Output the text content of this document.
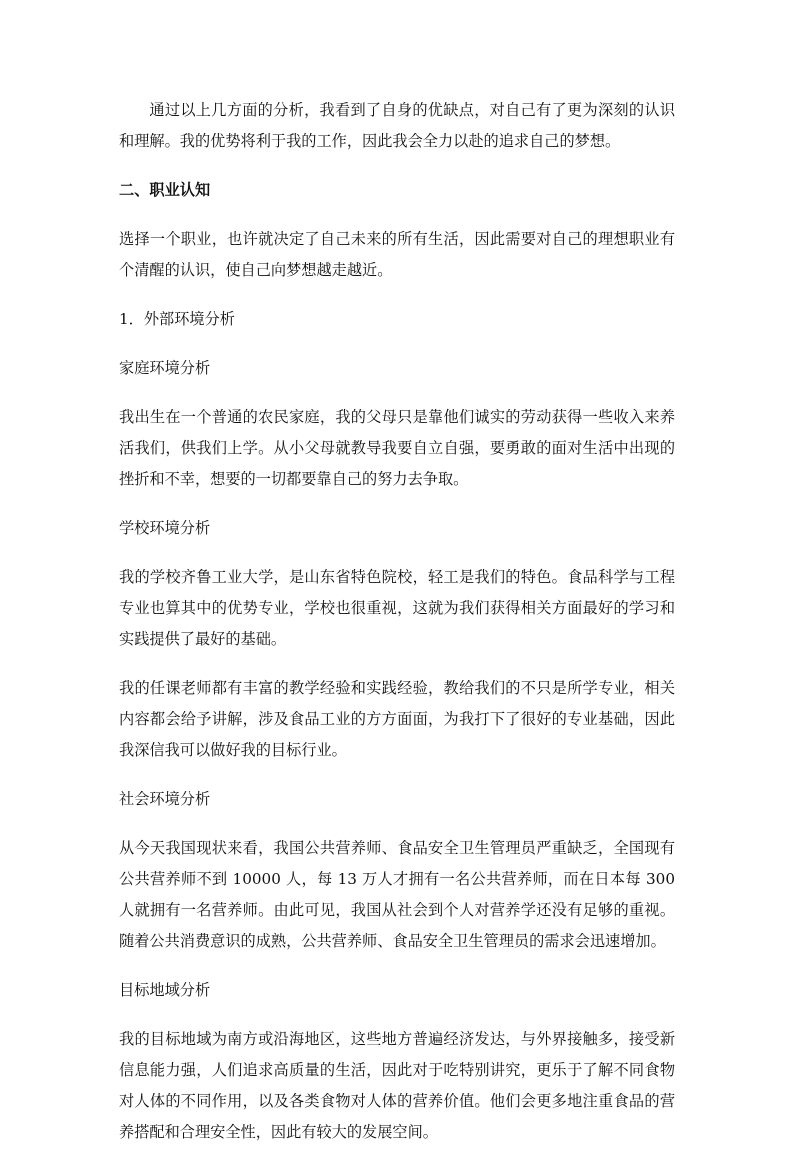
通过以上几方面的分析，我看到了自身的优缺点，对自己有了更为深刻的认识和理解。我的优势将利于我的工作，因此我会全力以赴的追求自己的梦想。

二、职业认知

选择一个职业，也许就决定了自己未来的所有生活，因此需要对自己的理想职业有个清醒的认识，使自己向梦想越走越近。

1．外部环境分析

家庭环境分析

我出生在一个普通的农民家庭，我的父母只是靠他们诚实的劳动获得一些收入来养活我们，供我们上学。从小父母就教导我要自立自强，要勇敢的面对生活中出现的挫折和不幸，想要的一切都要靠自己的努力去争取。

学校环境分析

我的学校齐鲁工业大学，是山东省特色院校，轻工是我们的特色。食品科学与工程专业也算其中的优势专业，学校也很重视，这就为我们获得相关方面最好的学习和实践提供了最好的基础。

我的任课老师都有丰富的教学经验和实践经验，教给我们的不只是所学专业，相关内容都会给予讲解，涉及食品工业的方方面面，为我打下了很好的专业基础，因此我深信我可以做好我的目标行业。

社会环境分析

从今天我国现状来看，我国公共营养师、食品安全卫生管理员严重缺乏，全国现有公共营养师不到 10000 人，每 13 万人才拥有一名公共营养师，而在日本每 300 人就拥有一名营养师。由此可见，我国从社会到个人对营养学还没有足够的重视。随着公共消费意识的成熟，公共营养师、食品安全卫生管理员的需求会迅速增加。

目标地域分析

我的目标地域为南方或沿海地区，这些地方普遍经济发达，与外界接触多，接受新信息能力强，人们追求高质量的生活，因此对于吃特别讲究，更乐于了解不同食物对人体的不同作用，以及各类食物对人体的营养价值。他们会更多地注重食品的营养搭配和合理安全性，因此有较大的发展空间。
